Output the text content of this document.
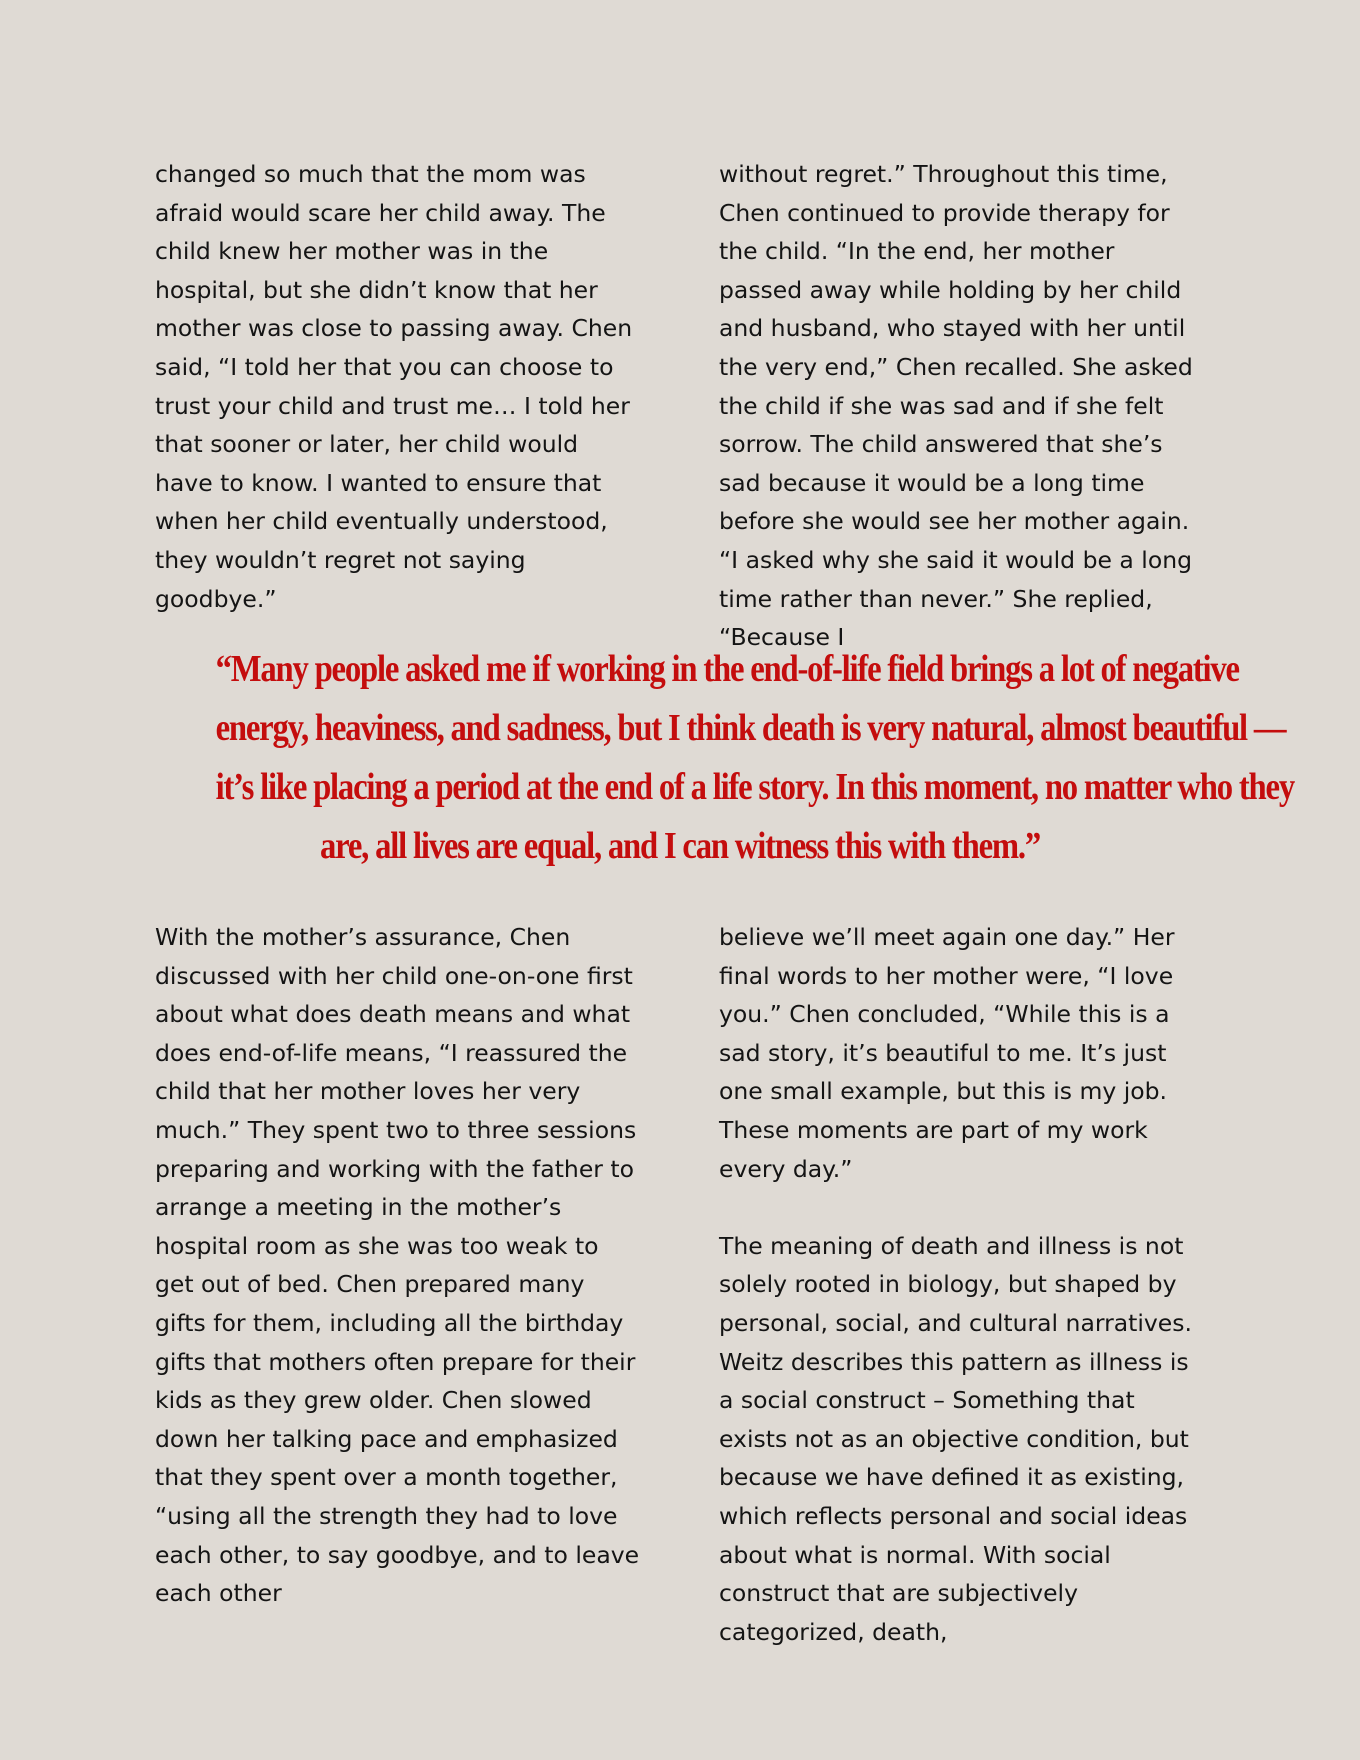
changed so much that the mom was afraid would scare her child away. The child knew her mother was in the hospital, but she didn’t know that her mother was close to passing away. Chen said, “I told her that you can choose to trust your child and trust me… I told her that sooner or later, her child would have to know. I wanted to ensure that when her child eventually understood, they wouldn’t regret not saying goodbye.”

without regret.” Throughout this time, Chen continued to provide therapy for the child. “In the end, her mother passed away while holding by her child and husband, who stayed with her until the very end,” Chen recalled. She asked the child if she was sad and if she felt sorrow. The child answered that she’s sad because it would be a long time before she would see her mother again. “I asked why she said it would be a long time rather than never.” She replied, “Because I

“Many people asked me if working in the end-of-life field brings a lot of negative
energy, heaviness, and sadness, but I think death is very natural, almost beautiful —
it’s like placing a period at the end of a life story. In this moment, no matter who they
are, all lives are equal, and I can witness this with them.”

With the mother’s assurance, Chen discussed with her child one-on-one first about what does death means and what does end-of-life means, “I reassured the child that her mother loves her very much.” They spent two to three sessions preparing and working with the father to arrange a meeting in the mother’s hospital room as she was too weak to get out of bed. Chen prepared many gifts for them, including all the birthday gifts that mothers often prepare for their kids as they grew older. Chen slowed down her talking pace and emphasized that they spent over a month together, “using all the strength they had to love each other, to say goodbye, and to leave each other

believe we’ll meet again one day.” Her final words to her mother were, “I love you.” Chen concluded, “While this is a sad story, it’s beautiful to me. It’s just one small example, but this is my job. These moments are part of my work every day.”

The meaning of death and illness is not solely rooted in biology, but shaped by personal, social, and cultural narratives. Weitz describes this pattern as illness is a social construct – Something that exists not as an objective condition, but because we have defined it as existing, which reflects personal and social ideas about what is normal. With social construct that are subjectively categorized, death,
